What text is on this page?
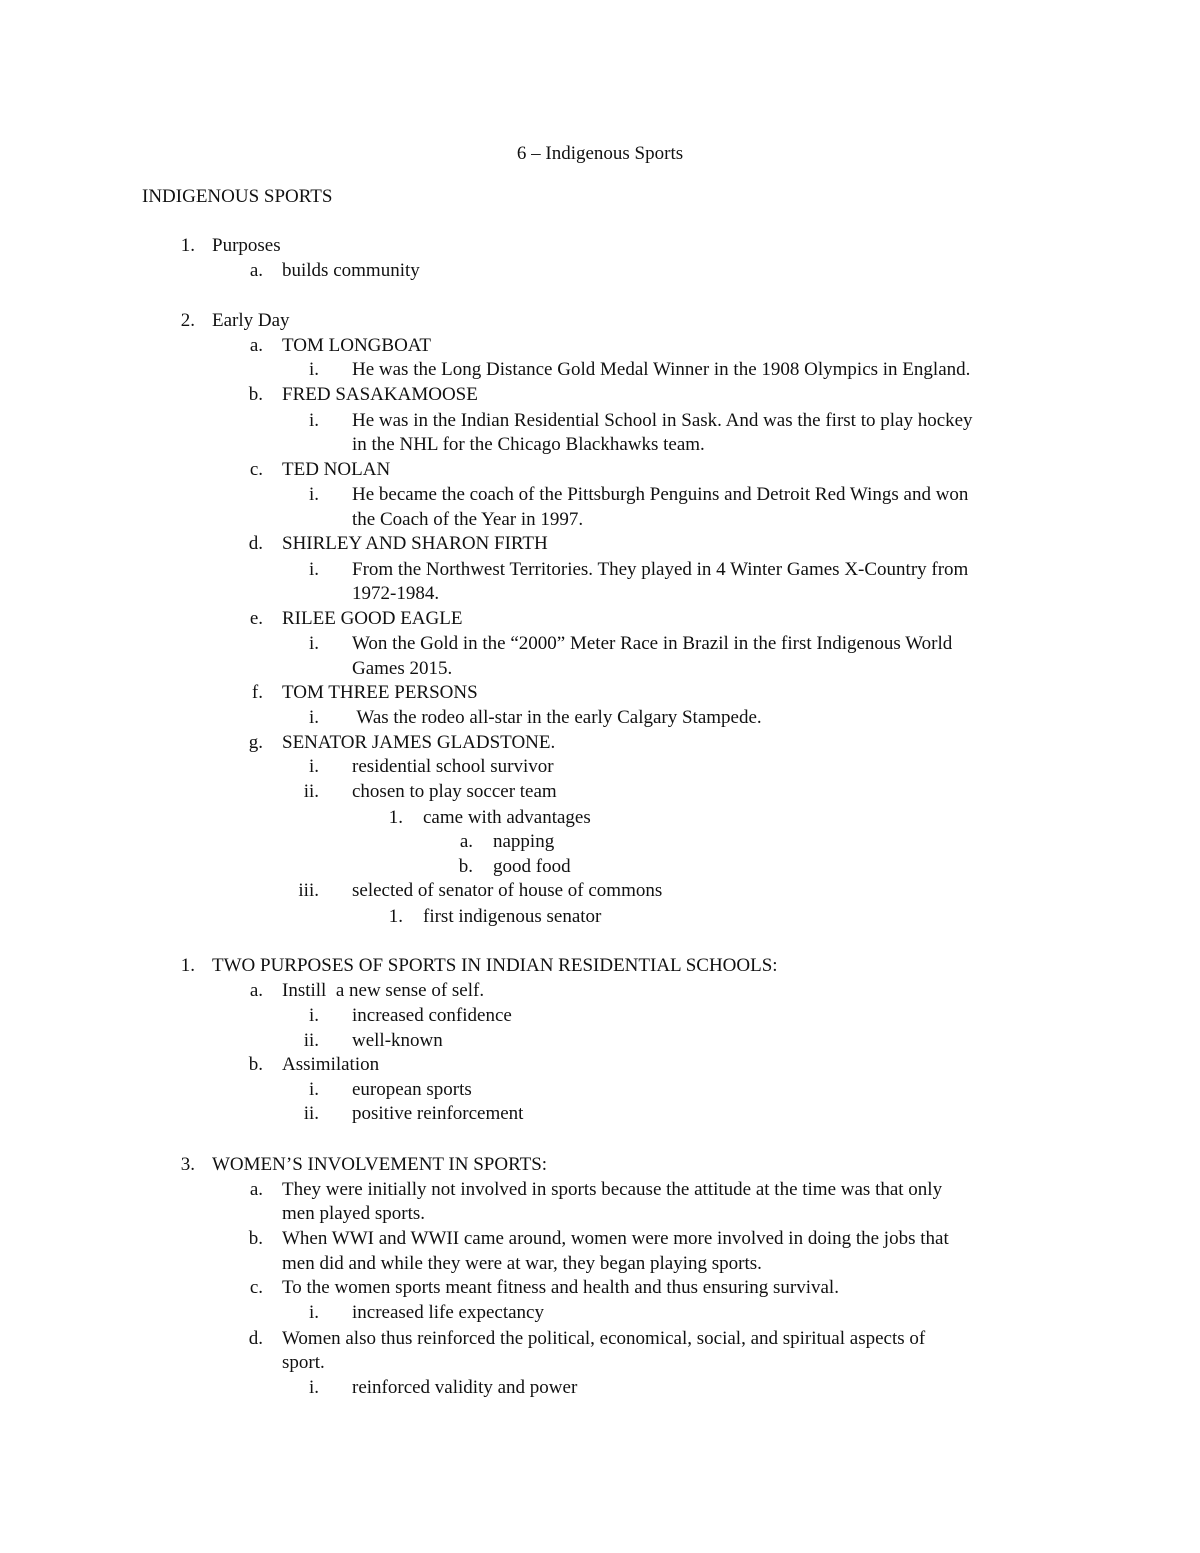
6 – Indigenous Sports
INDIGENOUS SPORTS
1. Purposes
a. builds community
2. Early Day
a. TOM LONGBOAT
i. He was the Long Distance Gold Medal Winner in the 1908 Olympics in England.
b. FRED SASAKAMOOSE
i. He was in the Indian Residential School in Sask. And was the first to play hockey
in the NHL for the Chicago Blackhawks team.
c. TED NOLAN
i. He became the coach of the Pittsburgh Penguins and Detroit Red Wings and won
the Coach of the Year in 1997.
d. SHIRLEY AND SHARON FIRTH
i. From the Northwest Territories. They played in 4 Winter Games X-Country from
1972-1984.
e. RILEE GOOD EAGLE
i. Won the Gold in the “2000” Meter Race in Brazil in the first Indigenous World
Games 2015.
f. TOM THREE PERSONS
i. Was the rodeo all-star in the early Calgary Stampede.
g. SENATOR JAMES GLADSTONE.
i. residential school survivor
ii. chosen to play soccer team
1. came with advantages
a. napping
b. good food
iii. selected of senator of house of commons
1. first indigenous senator
1. TWO PURPOSES OF SPORTS IN INDIAN RESIDENTIAL SCHOOLS:
a. Instill  a new sense of self.
i. increased confidence
ii. well-known
b. Assimilation
i. european sports
ii. positive reinforcement
3. WOMEN’S INVOLVEMENT IN SPORTS:
a. They were initially not involved in sports because the attitude at the time was that only
men played sports.
b. When WWI and WWII came around, women were more involved in doing the jobs that
men did and while they were at war, they began playing sports.
c. To the women sports meant fitness and health and thus ensuring survival.
i. increased life expectancy
d. Women also thus reinforced the political, economical, social, and spiritual aspects of
sport.
i. reinforced validity and power
